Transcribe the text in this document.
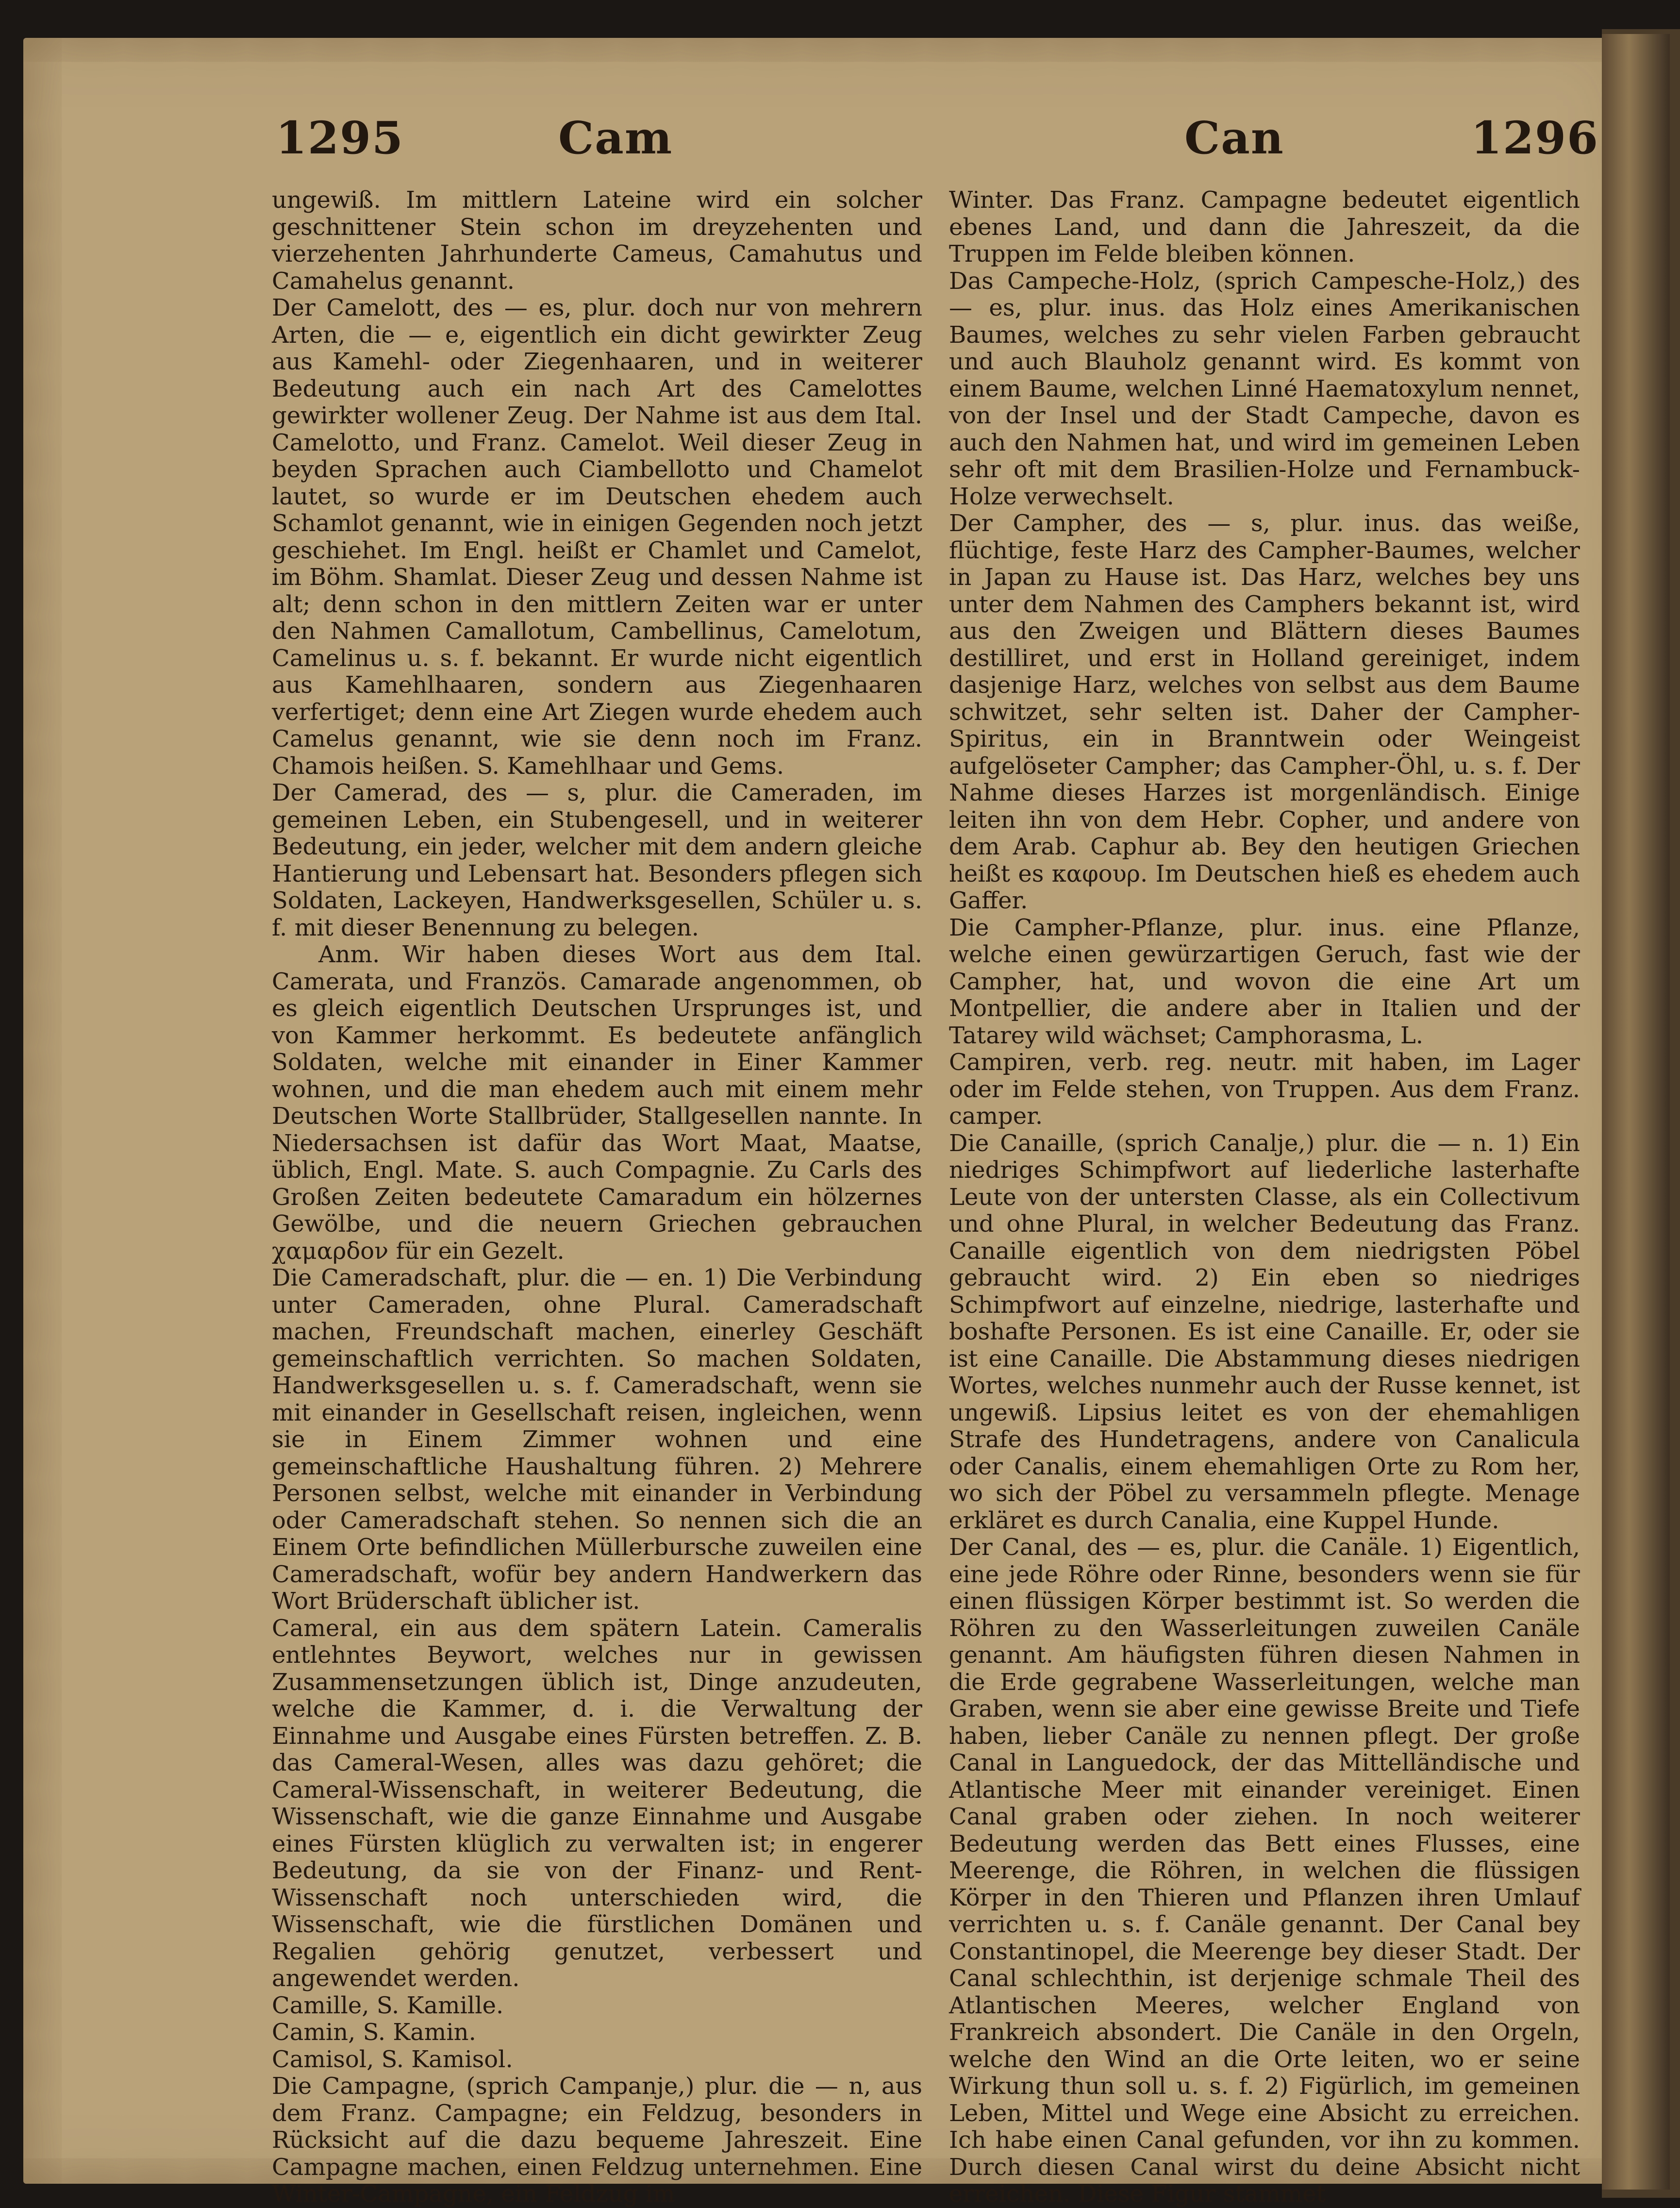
1295	Cam	Can	1296

ungewiß. Im mittlern Lateine wird ein solcher geschnittener Stein schon im dreyzehenten und vierzehenten Jahrhunderte Cameus, Camahutus und Camahelus genannt.

Der Camelott, des — es, plur. doch nur von mehrern Arten, die — e, eigentlich ein dicht gewirkter Zeug aus Kamehl- oder Ziegenhaaren, und in weiterer Bedeutung auch ein nach Art des Camelottes gewirkter wollener Zeug. Der Nahme ist aus dem Ital. Camelotto, und Franz. Camelot. Weil dieser Zeug in beyden Sprachen auch Ciambellotto und Chamelot lautet, so wurde er im Deutschen ehedem auch Schamlot genannt, wie in einigen Gegenden noch jetzt geschiehet. Im Engl. heißt er Chamlet und Camelot, im Böhm. Shamlat. Dieser Zeug und dessen Nahme ist alt; denn schon in den mittlern Zeiten war er unter den Nahmen Camallotum, Cambellinus, Camelotum, Camelinus u. s. f. bekannt. Er wurde nicht eigentlich aus Kamehlhaaren, sondern aus Ziegenhaaren verfertiget; denn eine Art Ziegen wurde ehedem auch Camelus genannt, wie sie denn noch im Franz. Chamois heißen. S. Kamehlhaar und Gems.

Der Camerad, des — s, plur. die Cameraden, im gemeinen Leben, ein Stubengesell, und in weiterer Bedeutung, ein jeder, welcher mit dem andern gleiche Hantierung und Lebensart hat. Besonders pflegen sich Soldaten, Lackeyen, Handwerksgesellen, Schüler u. s. f. mit dieser Benennung zu belegen.

Anm. Wir haben dieses Wort aus dem Ital. Camerata, und Französ. Camarade angenommen, ob es gleich eigentlich Deutschen Ursprunges ist, und von Kammer herkommt. Es bedeutete anfänglich Soldaten, welche mit einander in Einer Kammer wohnen, und die man ehedem auch mit einem mehr Deutschen Worte Stallbrüder, Stallgesellen nannte. In Niedersachsen ist dafür das Wort Maat, Maatse, üblich, Engl. Mate. S. auch Compagnie. Zu Carls des Großen Zeiten bedeutete Camaradum ein hölzernes Gewölbe, und die neuern Griechen gebrauchen χαμαρδον für ein Gezelt.

Die Cameradschaft, plur. die — en. 1) Die Verbindung unter Cameraden, ohne Plural. Cameradschaft machen, Freundschaft machen, einerley Geschäft gemeinschaftlich verrichten. So machen Soldaten, Handwerksgesellen u. s. f. Cameradschaft, wenn sie mit einander in Gesellschaft reisen, ingleichen, wenn sie in Einem Zimmer wohnen und eine gemeinschaftliche Haushaltung führen. 2) Mehrere Personen selbst, welche mit einander in Verbindung oder Cameradschaft stehen. So nennen sich die an Einem Orte befindlichen Müllerbursche zuweilen eine Cameradschaft, wofür bey andern Handwerkern das Wort Brüderschaft üblicher ist.

Cameral, ein aus dem spätern Latein. Cameralis entlehntes Beywort, welches nur in gewissen Zusammensetzungen üblich ist, Dinge anzudeuten, welche die Kammer, d. i. die Verwaltung der Einnahme und Ausgabe eines Fürsten betreffen. Z. B. das Cameral-Wesen, alles was dazu gehöret; die Cameral-Wissenschaft, in weiterer Bedeutung, die Wissenschaft, wie die ganze Einnahme und Ausgabe eines Fürsten klüglich zu verwalten ist; in engerer Bedeutung, da sie von der Finanz- und Rent-Wissenschaft noch unterschieden wird, die Wissenschaft, wie die fürstlichen Domänen und Regalien gehörig genutzet, verbessert und angewendet werden.

Camille, S. Kamille.

Camin, S. Kamin.

Camisol, S. Kamisol.

Die Campagne, (sprich Campanje,) plur. die — n, aus dem Franz. Campagne; ein Feldzug, besonders in Rücksicht auf die dazu bequeme Jahreszeit. Eine Campagne machen, einen Feldzug unternehmen. Eine Winter-Campagne, ein Feldzug im

Winter. Das Franz. Campagne bedeutet eigentlich ebenes Land, und dann die Jahreszeit, da die Truppen im Felde bleiben können.

Das Campeche-Holz, (sprich Campesche-Holz,) des — es, plur. inus. das Holz eines Amerikanischen Baumes, welches zu sehr vielen Farben gebraucht und auch Blauholz genannt wird. Es kommt von einem Baume, welchen Linné Haematoxylum nennet, von der Insel und der Stadt Campeche, davon es auch den Nahmen hat, und wird im gemeinen Leben sehr oft mit dem Brasilien-Holze und Fernambuck-Holze verwechselt.

Der Campher, des — s, plur. inus. das weiße, flüchtige, feste Harz des Campher-Baumes, welcher in Japan zu Hause ist. Das Harz, welches bey uns unter dem Nahmen des Camphers bekannt ist, wird aus den Zweigen und Blättern dieses Baumes destilliret, und erst in Holland gereiniget, indem dasjenige Harz, welches von selbst aus dem Baume schwitzet, sehr selten ist. Daher der Campher-Spiritus, ein in Branntwein oder Weingeist aufgelöseter Campher; das Campher-Öhl, u. s. f. Der Nahme dieses Harzes ist morgenländisch. Einige leiten ihn von dem Hebr. Copher, und andere von dem Arab. Caphur ab. Bey den heutigen Griechen heißt es καφουρ. Im Deutschen hieß es ehedem auch Gaffer.

Die Campher-Pflanze, plur. inus. eine Pflanze, welche einen gewürzartigen Geruch, fast wie der Campher, hat, und wovon die eine Art um Montpellier, die andere aber in Italien und der Tatarey wild wächset; Camphorasma, L.

Campiren, verb. reg. neutr. mit haben, im Lager oder im Felde stehen, von Truppen. Aus dem Franz. camper.

Die Canaille, (sprich Canalje,) plur. die — n. 1) Ein niedriges Schimpfwort auf liederliche lasterhafte Leute von der untersten Classe, als ein Collectivum und ohne Plural, in welcher Bedeutung das Franz. Canaille eigentlich von dem niedrigsten Pöbel gebraucht wird. 2) Ein eben so niedriges Schimpfwort auf einzelne, niedrige, lasterhafte und boshafte Personen. Es ist eine Canaille. Er, oder sie ist eine Canaille. Die Abstammung dieses niedrigen Wortes, welches nunmehr auch der Russe kennet, ist ungewiß. Lipsius leitet es von der ehemahligen Strafe des Hundetragens, andere von Canalicula oder Canalis, einem ehemahligen Orte zu Rom her, wo sich der Pöbel zu versammeln pflegte. Menage erkläret es durch Canalia, eine Kuppel Hunde.

Der Canal, des — es, plur. die Canäle. 1) Eigentlich, eine jede Röhre oder Rinne, besonders wenn sie für einen flüssigen Körper bestimmt ist. So werden die Röhren zu den Wasserleitungen zuweilen Canäle genannt. Am häufigsten führen diesen Nahmen in die Erde gegrabene Wasserleitungen, welche man Graben, wenn sie aber eine gewisse Breite und Tiefe haben, lieber Canäle zu nennen pflegt. Der große Canal in Languedock, der das Mittelländische und Atlantische Meer mit einander vereiniget. Einen Canal graben oder ziehen. In noch weiterer Bedeutung werden das Bett eines Flusses, eine Meerenge, die Röhren, in welchen die flüssigen Körper in den Thieren und Pflanzen ihren Umlauf verrichten u. s. f. Canäle genannt. Der Canal bey Constantinopel, die Meerenge bey dieser Stadt. Der Canal schlechthin, ist derjenige schmale Theil des Atlantischen Meeres, welcher England von Frankreich absondert. Die Canäle in den Orgeln, welche den Wind an die Orte leiten, wo er seine Wirkung thun soll u. s. f. 2) Figürlich, im gemeinen Leben, Mittel und Wege eine Absicht zu erreichen. Ich habe einen Canal gefunden, vor ihn zu kommen. Durch diesen Canal wirst du deine Absicht nicht erreichen. Diese Figur stammet
